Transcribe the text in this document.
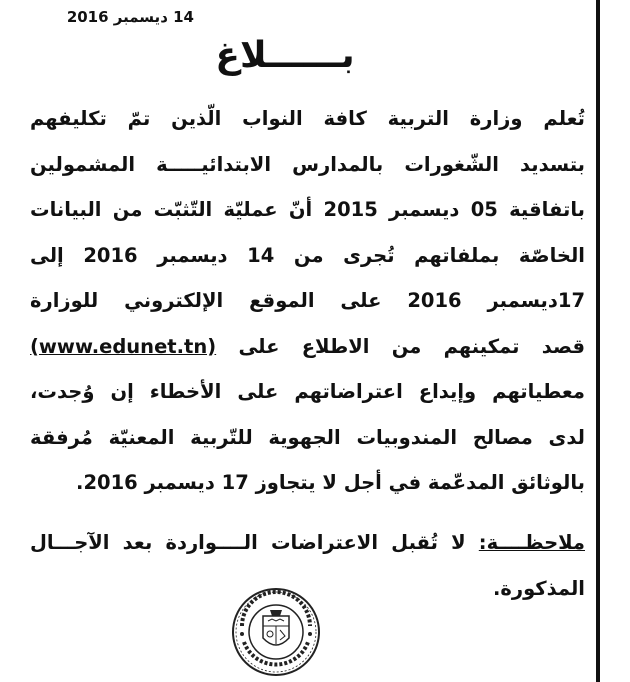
14 ديسمبر 2016
بــــــلاغ
تُعلم وزارة التربية كافة النواب الّذين تمّ تكليفهم
بتسديد الشّغورات بالمدارس الابتدائيـــــة المشمولين
باتفاقية 05 ديسمبر 2015 أنّ عمليّة التّثبّت من البيانات
الخاصّة بملفاتهم تُجرى من 14 ديسمبر 2016 إلى
17ديسمبر 2016 على الموقع الإلكتروني للوزارة
قصد تمكينهم من الاطلاع على (www.edunet.tn)
معطياتهم وإيداع اعتراضاتهم على الأخطاء إن وُجدت،
لدى مصالح المندوبيات الجهوية للتّربية المعنيّة مُرفقة
بالوثائق المدعّمة في أجل لا يتجاوز 17 ديسمبر 2016.
ملاحظــــة: لا تُقبل الاعتراضات الــــواردة بعد الآجـــال
المذكورة.
